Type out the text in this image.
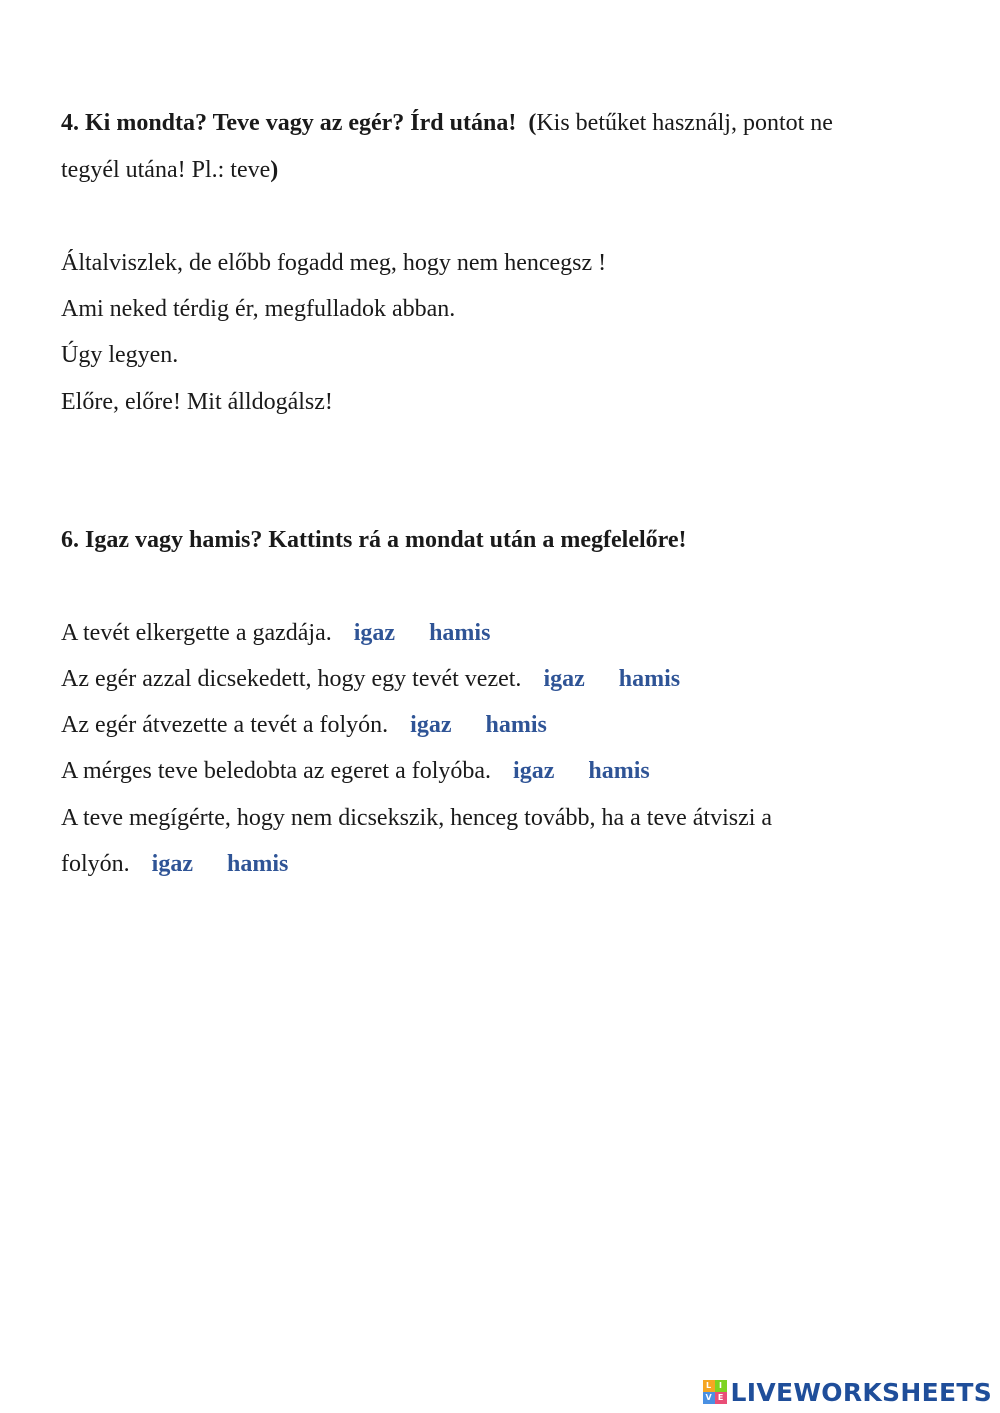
4. Ki mondta? Teve vagy az egér? Írd utána! (Kis betűket használj, pontot ne
tegyél utána! Pl.: teve)
Általviszlek, de előbb fogadd meg, hogy nem hencegsz !
Ami neked térdig ér, megfulladok abban.
Úgy legyen.
Előre, előre! Mit álldogálsz!
6. Igaz vagy hamis? Kattints rá a mondat után a megfelelőre!
A tevét elkergette a gazdája. igaz hamis
Az egér azzal dicsekedett, hogy egy tevét vezet. igaz hamis
Az egér átvezette a tevét a folyón. igaz hamis
A mérges teve beledobta az egeret a folyóba. igaz hamis
A teve megígérte, hogy nem dicsekszik, henceg tovább, ha a teve átviszi a
folyón. igaz hamis
L I
V E LIVEWORKSHEETS
